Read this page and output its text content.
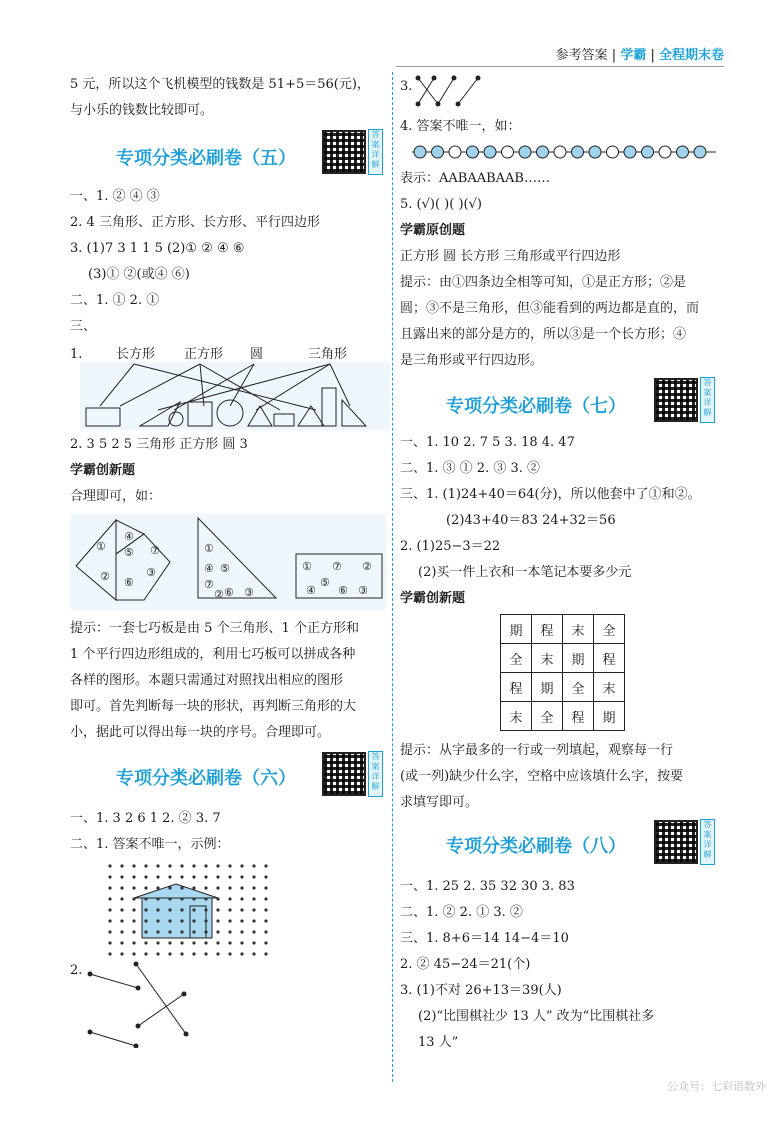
参考答案 | 学霸 | 全程期末卷
5 元，所以这个飞机模型的钱数是 51+5＝56(元)，
与小乐的钱数比较即可。
专项分类必刷卷（五）
答案详解
一、1. ② ④ ③
2. 4 三角形、正方形、长方形、平行四边形
3. (1)7 3 1 1 5 (2)① ② ④ ⑥
(3)① ②(或④ ⑥)
二、1. ① 2. ①
三、
1.	长方形 正方形 圆	三角形
2. 3 5 2 5 三角形 正方形 圆 3
学霸创新题
合理即可，如：
①
④
⑤ ⑦
② ⑥
③
①
④ ⑤
⑦
⑥ ③
②
① ⑦ ②
④
⑤
⑥ ③
提示：一套七巧板是由 5 个三角形、1 个正方形和
1 个平行四边形组成的，利用七巧板可以拼成各种
各样的图形。本题只需通过对照找出相应的图形
即可。首先判断每一块的形状，再判断三角形的大
小，据此可以得出每一块的序号。合理即可。
专项分类必刷卷（六）
答案详解
一、1. 3 2 6 1 2. ② 3. 7
二、1. 答案不唯一，示例：
2.
3.
4. 答案不唯一，如：
表示：AABAABAAB……
5. (√)( )( )(√)
学霸原创题
正方形 圆 长方形 三角形或平行四边形
提示：由①四条边全相等可知，①是正方形；②是
圆；③不是三角形，但③能看到的两边都是直的，而
且露出来的部分是方的，所以③是一个长方形；④
是三角形或平行四边形。
专项分类必刷卷（七）
答案详解
一、1. 10 2. 7 5 3. 18 4. 47
二、1. ③ ① 2. ③ 3. ②
三、1. (1)24+40＝64(分)，所以他套中了①和②。
(2)43+40＝83 24+32＝56
2. (1)25−3＝22
(2)买一件上衣和一本笔记本要多少元
学霸创新题
期	程	末	全
全	末	期	程
程	期	全	末
末	全	程	期
提示：从字最多的一行或一列填起，观察每一行
(或一列)缺少什么字，空格中应该填什么字，按要
求填写即可。
专项分类必刷卷（八）
答案详解
一、1. 25 2. 35 32 30 3. 83
二、1. ② 2. ① 3. ②
三、1. 8+6＝14 14−4＝10
2. ② 45−24＝21(个)
3. (1)不对 26+13＝39(人)
(2)“比围棋社少 13 人” 改为“比围棋社多
13 人”
公众号：七彩语数外
